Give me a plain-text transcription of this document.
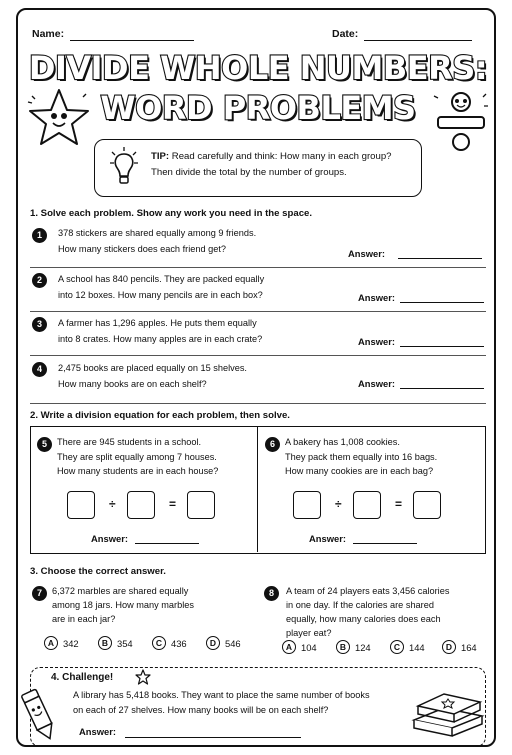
Name:	Date:
DIVIDE WHOLE NUMBERS:
WORD PROBLEMS
TIP: Read carefully and think: How many in each group?
Then divide the total by the number of groups.
1. Solve each problem. Show any work you need in the space.
1	378 stickers are shared equally among 9 friends.
How many stickers does each friend get?	Answer:
2	A school has 840 pencils. They are packed equally
into 12 boxes. How many pencils are in each box?	Answer:
3	A farmer has 1,296 apples. He puts them equally
into 8 crates. How many apples are in each crate?	Answer:
4	2,475 books are placed equally on 15 shelves.
How many books are on each shelf?	Answer:
2. Write a division equation for each problem, then solve.
5	There are 945 students in a school.
They are split equally among 7 houses.
How many students are in each house?
÷	=
Answer:
6	A bakery has 1,008 cookies.
They pack them equally into 16 bags.
How many cookies are in each bag?
÷	=
Answer:
3. Choose the correct answer.
7	6,372 marbles are shared equally
among 18 jars. How many marbles
are in each jar?
A 342	B 354	C 436	D 546
8	A team of 24 players eats 3,456 calories
in one day. If the calories are shared
equally, how many calories does each
player eat?
A 104	B 124	C 144	D 164
4. Challenge!
A library has 5,418 books. They want to place the same number of books
on each of 27 shelves. How many books will be on each shelf?
Answer:
